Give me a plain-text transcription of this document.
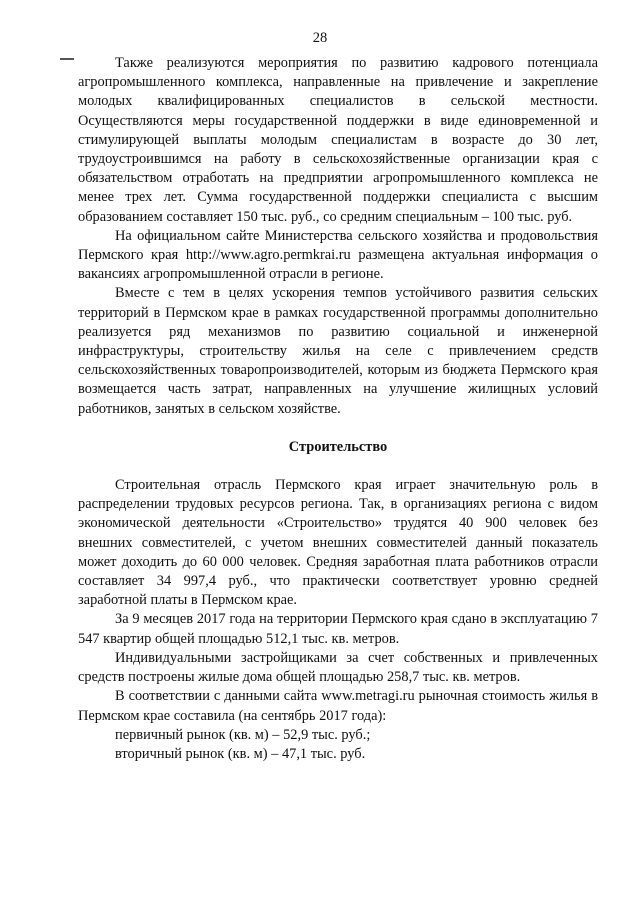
28

Также реализуются мероприятия по развитию кадрового потенциала агропромышленного комплекса, направленные на привлечение и закрепление молодых квалифицированных специалистов в сельской местности. Осуществляются меры государственной поддержки в виде единовременной и стимулирующей выплаты молодым специалистам в возрасте до 30 лет, трудоустроившимся на работу в сельскохозяйственные организации края с обязательством отработать на предприятии агропромышленного комплекса не менее трех лет. Сумма государственной поддержки специалиста с высшим образованием составляет 150 тыс. руб., со средним специальным – 100 тыс. руб.

На официальном сайте Министерства сельского хозяйства и продовольствия Пермского края http://www.agro.permkrai.ru размещена актуальная информация о вакансиях агропромышленной отрасли в регионе.

Вместе с тем в целях ускорения темпов устойчивого развития сельских территорий в Пермском крае в рамках государственной программы дополнительно реализуется ряд механизмов по развитию социальной и инженерной инфраструктуры, строительству жилья на селе с привлечением средств сельскохозяйственных товаропроизводителей, которым из бюджета Пермского края возмещается часть затрат, направленных на улучшение жилищных условий работников, занятых в сельском хозяйстве.

Строительство

Строительная отрасль Пермского края играет значительную роль в распределении трудовых ресурсов региона. Так, в организациях региона с видом экономической деятельности «Строительство» трудятся 40 900 человек без внешних совместителей, с учетом внешних совместителей данный показатель может доходить до 60 000 человек. Средняя заработная плата работников отрасли составляет 34 997,4 руб., что практически соответствует уровню средней заработной платы в Пермском крае.

За 9 месяцев 2017 года на территории Пермского края сдано в эксплуатацию 7 547 квартир общей площадью 512,1 тыс. кв. метров.

Индивидуальными застройщиками за счет собственных и привлеченных средств построены жилые дома общей площадью 258,7 тыс. кв. метров.

В соответствии с данными сайта www.metragi.ru рыночная стоимость жилья в Пермском крае составила (на сентябрь 2017 года):

первичный рынок (кв. м) – 52,9 тыс. руб.;

вторичный рынок (кв. м) – 47,1 тыс. руб.
